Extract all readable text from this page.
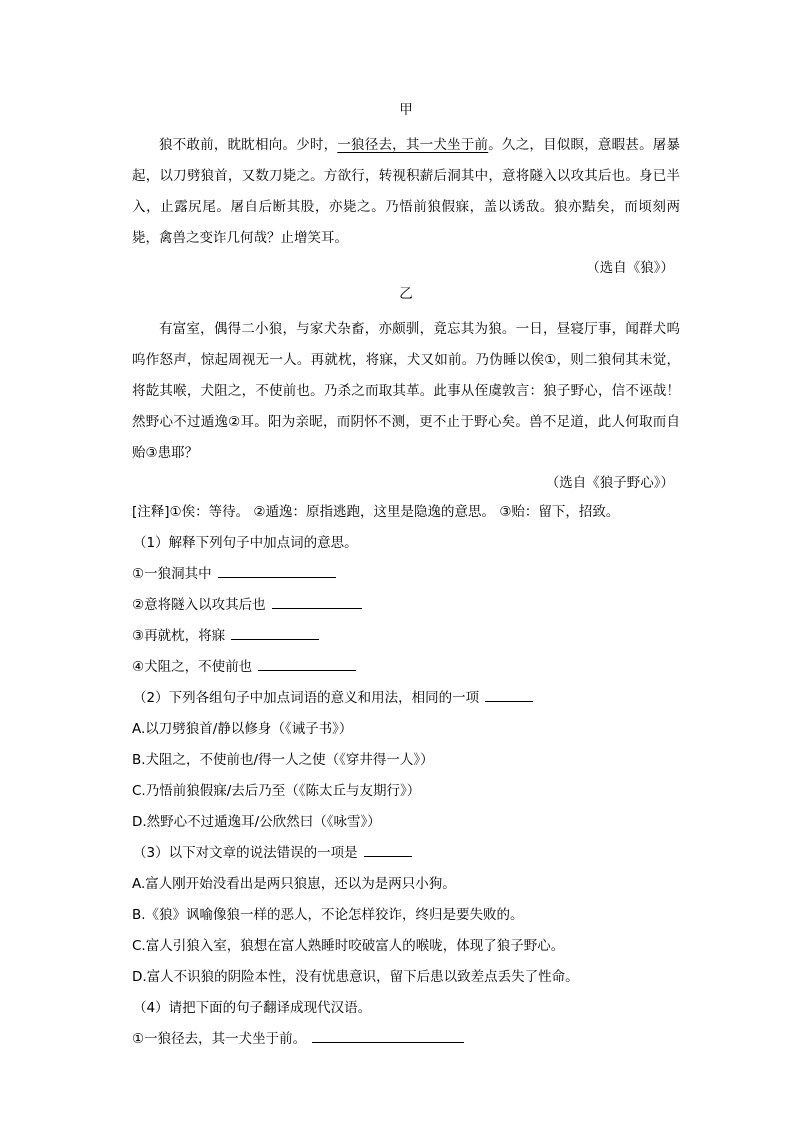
甲
狼不敢前，眈眈相向。少时，一狼径去，其一犬坐于前。久之，目似瞑，意暇甚。屠暴起，以刀劈狼首，又数刀毙之。方欲行，转视积薪后洞其中，意将隧入以攻其后也。身已半入，止露尻尾。屠自后断其股，亦毙之。乃悟前狼假寐，盖以诱敌。狼亦黠矣，而顷刻两毙，禽兽之变诈几何哉？止增笑耳。
（选自《狼》）
乙
有富室，偶得二小狼，与家犬杂畜，亦颇驯，竟忘其为狼。一日，昼寝厅事，闻群犬呜呜作怒声，惊起周视无一人。再就枕，将寐，犬又如前。乃伪睡以俟①，则二狼伺其未觉，将龁其喉，犬阻之，不使前也。乃杀之而取其革。此事从侄虞敦言：狼子野心，信不诬哉！然野心不过遁逸②耳。阳为亲昵，而阴怀不测，更不止于野心矣。兽不足道，此人何取而自贻③患耶？
（选自《狼子野心》）
[注释]①俟：等待。 ②遁逸：原指逃跑，这里是隐逸的意思。 ③贻：留下，招致。
（1）解释下列句子中加点词的意思。
①一狼洞其中
②意将隧入以攻其后也
③再就枕，将寐
④犬阻之，不使前也
（2）下列各组句子中加点词语的意义和用法，相同的一项
A.以刀劈狼首/静以修身（《诫子书》）
B.犬阻之，不使前也/得一人之使（《穿井得一人》）
C.乃悟前狼假寐/去后乃至（《陈太丘与友期行》）
D.然野心不过遁逸耳/公欣然曰（《咏雪》）
（3）以下对文章的说法错误的一项是
A.富人刚开始没看出是两只狼崽，还以为是两只小狗。
B.《狼》讽喻像狼一样的恶人，不论怎样狡诈，终归是要失败的。
C.富人引狼入室，狼想在富人熟睡时咬破富人的喉咙，体现了狼子野心。
D.富人不识狼的阴险本性，没有忧患意识，留下后患以致差点丢失了性命。
（4）请把下面的句子翻译成现代汉语。
①一狼径去，其一犬坐于前。
